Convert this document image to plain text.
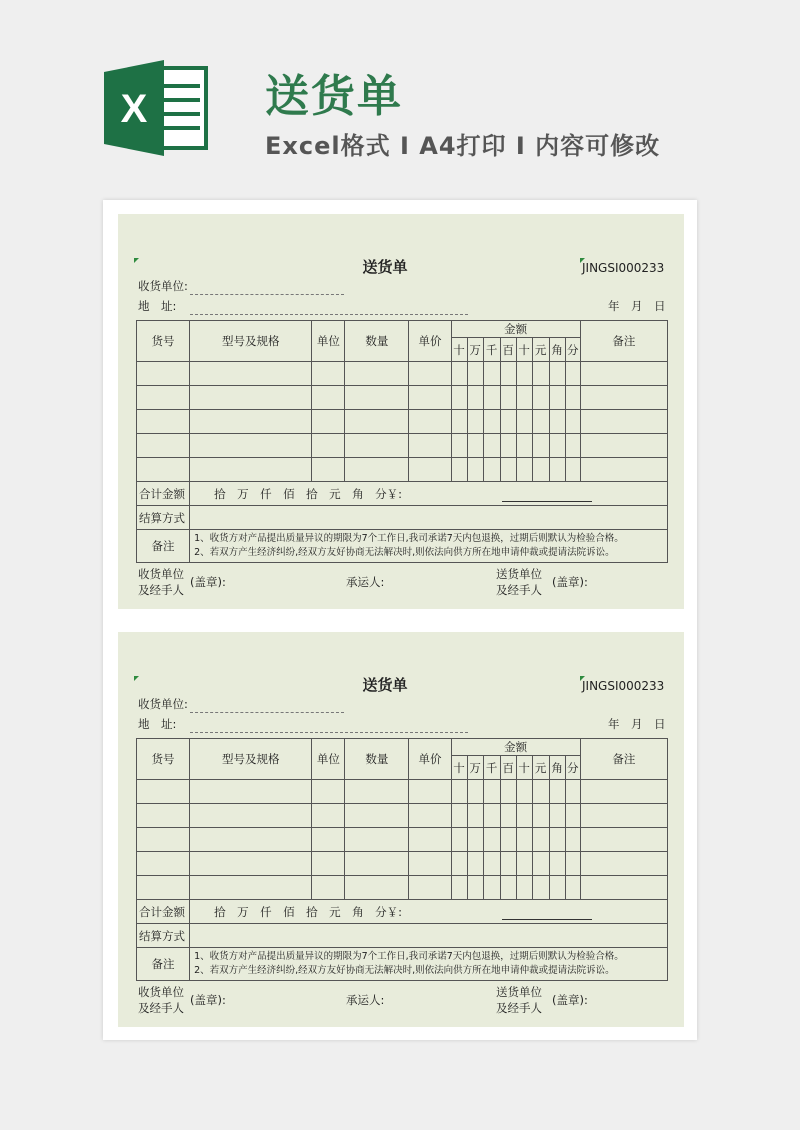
X	送货单
Excel格式 I A4打印 I 内容可修改
送货单	JINGSI000233
收货单位:
地　址:	年　月　日
货号	型号及规格	单位	数量	单价	金额								备注
					十	万	千	百	十	元	角	分	

合计金额	拾　万　仟　佰　拾　元　角　分￥:												
结算方式													
备注	1、收货方对产品提出质量异议的期限为7个工作日,我司承诺7天内包退换，过期后则默认为检验合格。
2、若双方产生经济纠纷,经双方友好协商无法解决时,则依法向供方所在地申请仲裁或提请法院诉讼。												
收货单位
及经手人
(盖章):	承运人:
送货单位
及经手人
(盖章):
送货单	JINGSI000233
收货单位:
地　址:	年　月　日
货号	型号及规格	单位	数量	单价	金额								备注
					十	万	千	百	十	元	角	分	

合计金额	拾　万　仟　佰　拾　元　角　分￥:												
结算方式													
备注	1、收货方对产品提出质量异议的期限为7个工作日,我司承诺7天内包退换，过期后则默认为检验合格。
2、若双方产生经济纠纷,经双方友好协商无法解决时,则依法向供方所在地申请仲裁或提请法院诉讼。												
收货单位
及经手人
(盖章):	承运人:
送货单位
及经手人
(盖章):
